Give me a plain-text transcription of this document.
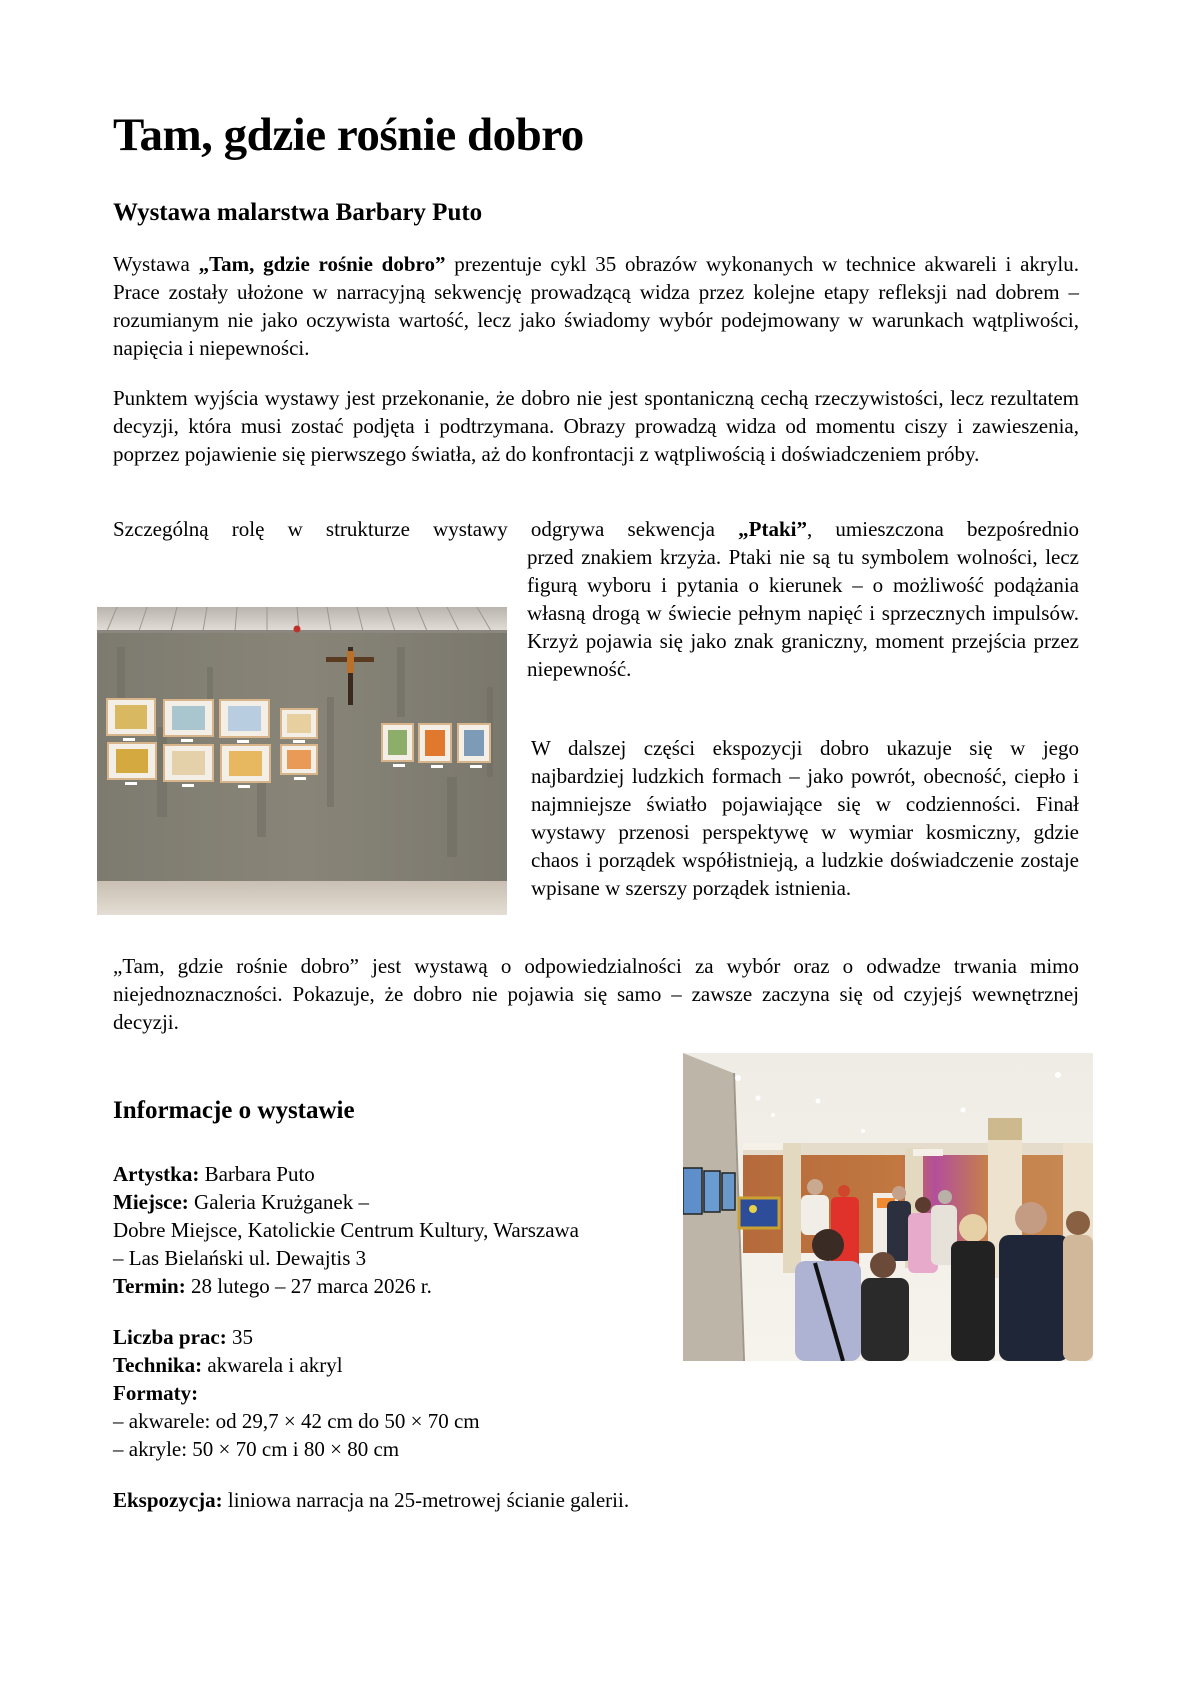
Tam, gdzie rośnie dobro
Wystawa malarstwa Barbary Puto

Wystawa „Tam, gdzie rośnie dobro” prezentuje cykl 35 obrazów wykonanych w technice akwareli i akrylu. Prace zostały ułożone w narracyjną sekwencję prowadzącą widza przez kolejne etapy refleksji nad dobrem – rozumianym nie jako oczywista wartość, lecz jako świadomy wybór podejmowany w warunkach wątpliwości, napięcia i niepewności.

Punktem wyjścia wystawy jest przekonanie, że dobro nie jest spontaniczną cechą rzeczywistości, lecz rezultatem decyzji, która musi zostać podjęta i podtrzymana. Obrazy prowadzą widza od momentu ciszy i zawieszenia, poprzez pojawienie się pierwszego światła, aż do konfrontacji z wątpliwością i doświadczeniem próby.

Szczególną rolę w strukturze wystawy odgrywa sekwencja „Ptaki”, umieszczona bezpośrednio

przed znakiem krzyża. Ptaki nie są tu symbolem wolności, lecz figurą wyboru i pytania o kierunek – o możliwość podążania własną drogą w świecie pełnym napięć i sprzecznych impulsów. Krzyż pojawia się jako znak graniczny, moment przejścia przez niepewność.

W dalszej części ekspozycji dobro ukazuje się w jego najbardziej ludzkich formach – jako powrót, obecność, ciepło i najmniejsze światło pojawiające się w codzienności. Finał wystawy przenosi perspektywę w wymiar kosmiczny, gdzie chaos i porządek współistnieją, a ludzkie doświadczenie zostaje wpisane w szerszy porządek istnienia.

„Tam, gdzie rośnie dobro” jest wystawą o odpowiedzialności za wybór oraz o odwadze trwania mimo niejednoznaczności. Pokazuje, że dobro nie pojawia się samo – zawsze zaczyna się od czyjejś wewnętrznej decyzji.

Informacje o wystawie
Artystka: Barbara Puto
Miejsce: Galeria Krużganek –
Dobre Miejsce, Katolickie Centrum Kultury, Warszawa
– Las Bielański ul. Dewajtis 3
Termin: 28 lutego – 27 marca 2026 r.
Liczba prac: 35
Technika: akwarela i akryl
Formaty:
– akwarele: od 29,7 × 42 cm do 50 × 70 cm
– akryle: 50 × 70 cm i 80 × 80 cm
Ekspozycja: liniowa narracja na 25-metrowej ścianie galerii.
